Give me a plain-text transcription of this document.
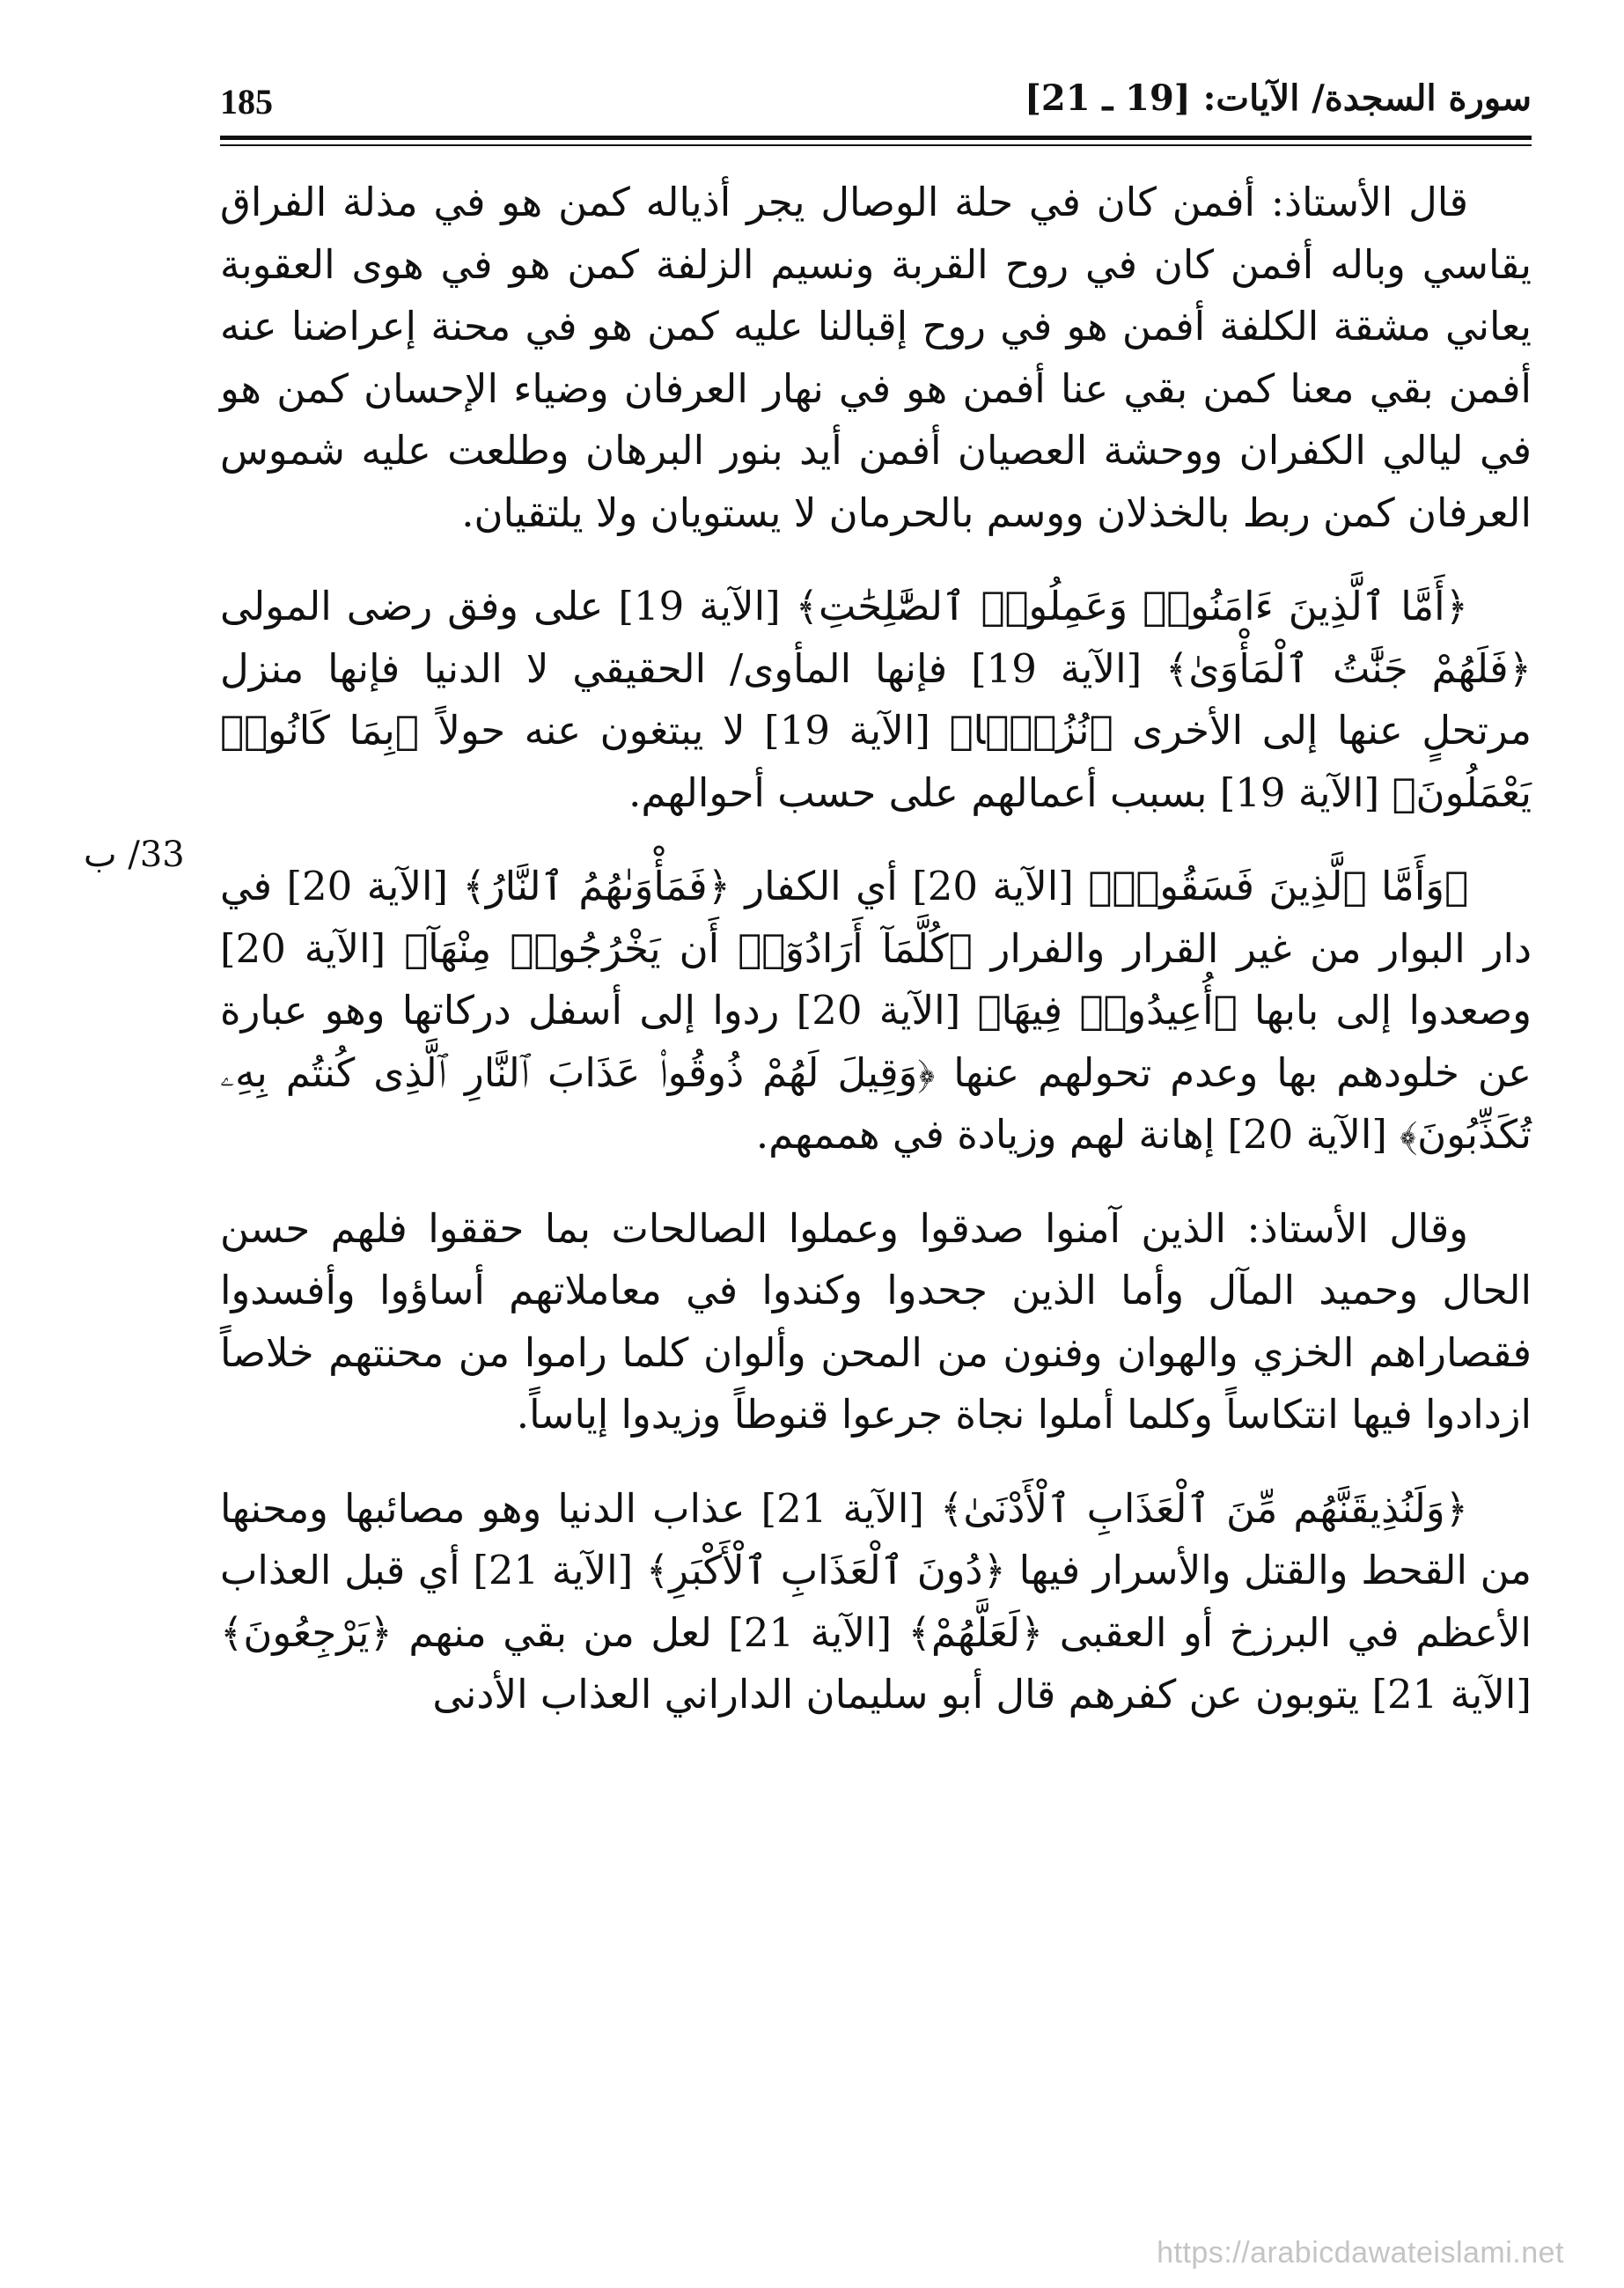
185	سورة السجدة/ الآيات: [19 ـ 21]
33/ ب

قال الأستاذ: أفمن كان في حلة الوصال يجر أذياله كمن هو في مذلة الفراق يقاسي وباله أفمن كان في روح القربة ونسيم الزلفة كمن هو في هوى العقوبة يعاني مشقة الكلفة أفمن هو في روح إقبالنا عليه كمن هو في محنة إعراضنا عنه أفمن بقي معنا كمن بقي عنا أفمن هو في نهار العرفان وضياء الإحسان كمن هو في ليالي الكفران ووحشة العصيان أفمن أيد بنور البرهان وطلعت عليه شموس العرفان كمن ربط بالخذلان ووسم بالحرمان لا يستويان ولا يلتقيان.

﴿أَمَّا ٱلَّذِينَ ءَامَنُوا۟ وَعَمِلُوا۟ ٱلصَّٰلِحَٰتِ﴾ [الآية 19] على وفق رضى المولى ﴿فَلَهُمْ جَنَّٰتُ ٱلْمَأْوَىٰ﴾ [الآية 19] فإنها المأوى/ الحقيقي لا الدنيا فإنها منزل مرتحلٍ عنها إلى الأخرى ﴿نُزُلًۢا﴾ [الآية 19] لا يبتغون عنه حولاً ﴿بِمَا كَانُوا۟ يَعْمَلُونَ﴾ [الآية 19] بسبب أعمالهم على حسب أحوالهم.

﴿وَأَمَّا ٱلَّذِينَ فَسَقُوا۟﴾ [الآية 20] أي الكفار ﴿فَمَأْوَىٰهُمُ ٱلنَّارُ﴾ [الآية 20] في دار البوار من غير القرار والفرار ﴿كُلَّمَآ أَرَادُوٓا۟ أَن يَخْرُجُوا۟ مِنْهَآ﴾ [الآية 20] وصعدوا إلى بابها ﴿أُعِيدُوا۟ فِيهَا﴾ [الآية 20] ردوا إلى أسفل دركاتها وهو عبارة عن خلودهم بها وعدم تحولهم عنها ﴿وَقِيلَ لَهُمْ ذُوقُوا۟ عَذَابَ ٱلنَّارِ ٱلَّذِى كُنتُم بِهِۦ تُكَذِّبُونَ﴾ [الآية 20] إهانة لهم وزيادة في هممهم.

وقال الأستاذ: الذين آمنوا صدقوا وعملوا الصالحات بما حققوا فلهم حسن الحال وحميد المآل وأما الذين جحدوا وكندوا في معاملاتهم أساؤوا وأفسدوا فقصاراهم الخزي والهوان وفنون من المحن وألوان كلما راموا من محنتهم خلاصاً ازدادوا فيها انتكاساً وكلما أملوا نجاة جرعوا قنوطاً وزيدوا إياساً.

﴿وَلَنُذِيقَنَّهُم مِّنَ ٱلْعَذَابِ ٱلْأَدْنَىٰ﴾ [الآية 21] عذاب الدنيا وهو مصائبها ومحنها من القحط والقتل والأسرار فيها ﴿دُونَ ٱلْعَذَابِ ٱلْأَكْبَرِ﴾ [الآية 21] أي قبل العذاب الأعظم في البرزخ أو العقبى ﴿لَعَلَّهُمْ﴾ [الآية 21] لعل من بقي منهم ﴿يَرْجِعُونَ﴾ [الآية 21] يتوبون عن كفرهم قال أبو سليمان الداراني العذاب الأدنى

https://arabicdawateislami.net
